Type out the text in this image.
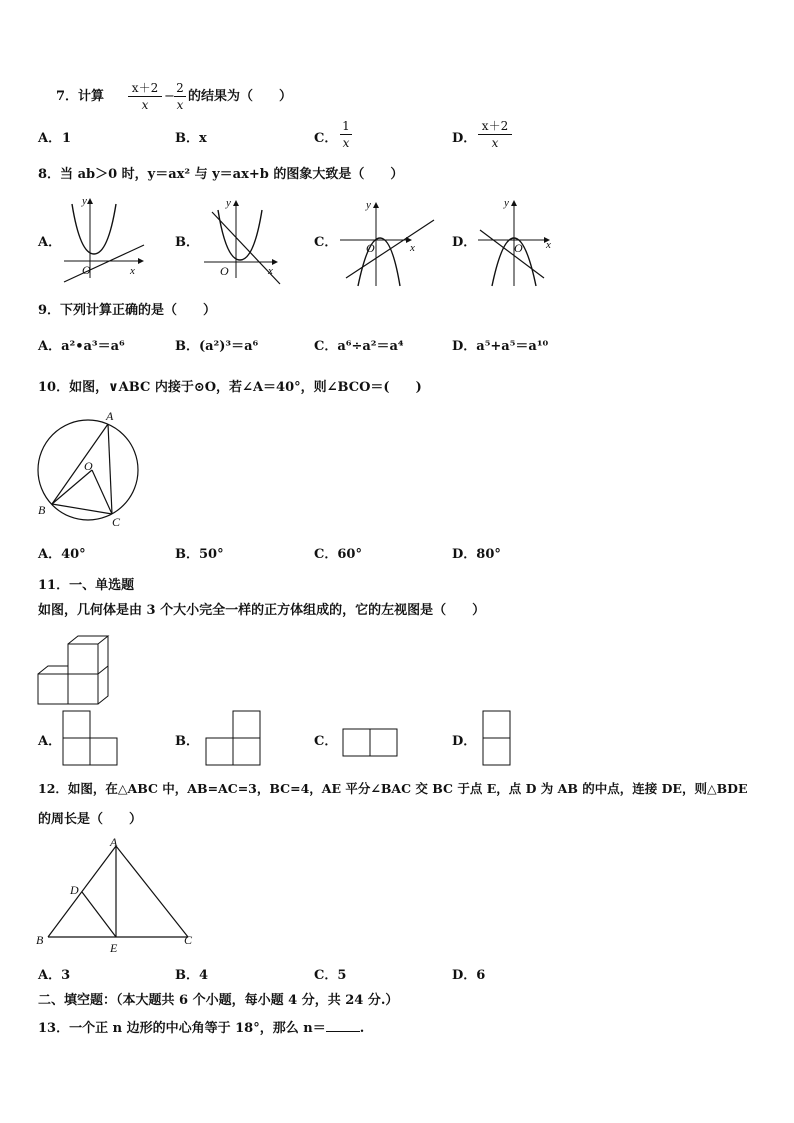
7．计算
x＋2
x
−
2
x
的结果为（　　）
A． 1	B． x	C．
1
x	D．
x＋2
x
8．当 ab＞0 时，y＝ax² 与 y＝ax+b 的图象大致是（　　）
A．
y
x
O
B．
y
x
O
C．
y
x
O	D．
y
x
O
9．下列计算正确的是（　　）
A．a²•a³＝a⁶	B．(a²)³＝a⁶	C．a⁶÷a²＝a⁴	D．a⁵+a⁵＝a¹⁰
10．如图，∨ABC 内接于⊙O，若∠A＝40°，则∠BCO＝(　　)
A
O
B
C
A．40°	B．50°	C．60°	D．80°
11．一、单选题
如图，几何体是由 3 个大小完全一样的正方体组成的，它的左视图是（　　）
A．	B．	C．	D．
12．如图，在△ABC 中，AB=AC=3，BC=4，AE 平分∠BAC 交 BC 于点 E，点 D 为 AB 的中点，连接 DE，则△BDE
的周长是（　　）
A
D
B
E
C
A．3	B．4	C．5	D．6
二、填空题：（本大题共 6 个小题，每小题 4 分，共 24 分.）
13．一个正 n 边形的中心角等于 18°，那么 n＝	.
